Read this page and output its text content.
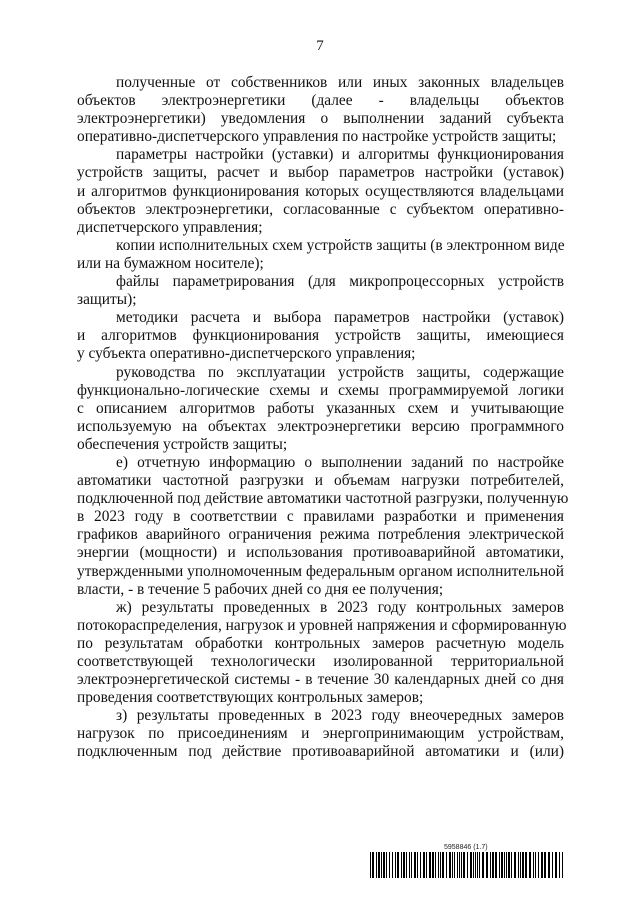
7
полученные от собственников или иных законных владельцев
объектов электроэнергетики (далее - владельцы объектов
электроэнергетики) уведомления о выполнении заданий субъекта
оперативно-диспетчерского управления по настройке устройств защиты;
параметры настройки (уставки) и алгоритмы функционирования
устройств защиты, расчет и выбор параметров настройки (уставок)
и алгоритмов функционирования которых осуществляются владельцами
объектов электроэнергетики, согласованные с субъектом оперативно-
диспетчерского управления;
копии исполнительных схем устройств защиты (в электронном виде
или на бумажном носителе);
файлы параметрирования (для микропроцессорных устройств
защиты);
методики расчета и выбора параметров настройки (уставок)
и алгоритмов функционирования устройств защиты, имеющиеся
у субъекта оперативно-диспетчерского управления;
руководства по эксплуатации устройств защиты, содержащие
функционально-логические схемы и схемы программируемой логики
с описанием алгоритмов работы указанных схем и учитывающие
используемую на объектах электроэнергетики версию программного
обеспечения устройств защиты;
е) отчетную информацию о выполнении заданий по настройке
автоматики частотной разгрузки и объемам нагрузки потребителей,
подключенной под действие автоматики частотной разгрузки, полученную
в 2023 году в соответствии с правилами разработки и применения
графиков аварийного ограничения режима потребления электрической
энергии (мощности) и использования противоаварийной автоматики,
утвержденными уполномоченным федеральным органом исполнительной
власти, - в течение 5 рабочих дней со дня ее получения;
ж) результаты проведенных в 2023 году контрольных замеров
потокораспределения, нагрузок и уровней напряжения и сформированную
по результатам обработки контрольных замеров расчетную модель
соответствующей технологически изолированной территориальной
электроэнергетической системы - в течение 30 календарных дней со дня
проведения соответствующих контрольных замеров;
з) результаты проведенных в 2023 году внеочередных замеров
нагрузок по присоединениям и энергопринимающим устройствам,
подключенным под действие противоаварийной автоматики и (или)
5958846 (1.7)
